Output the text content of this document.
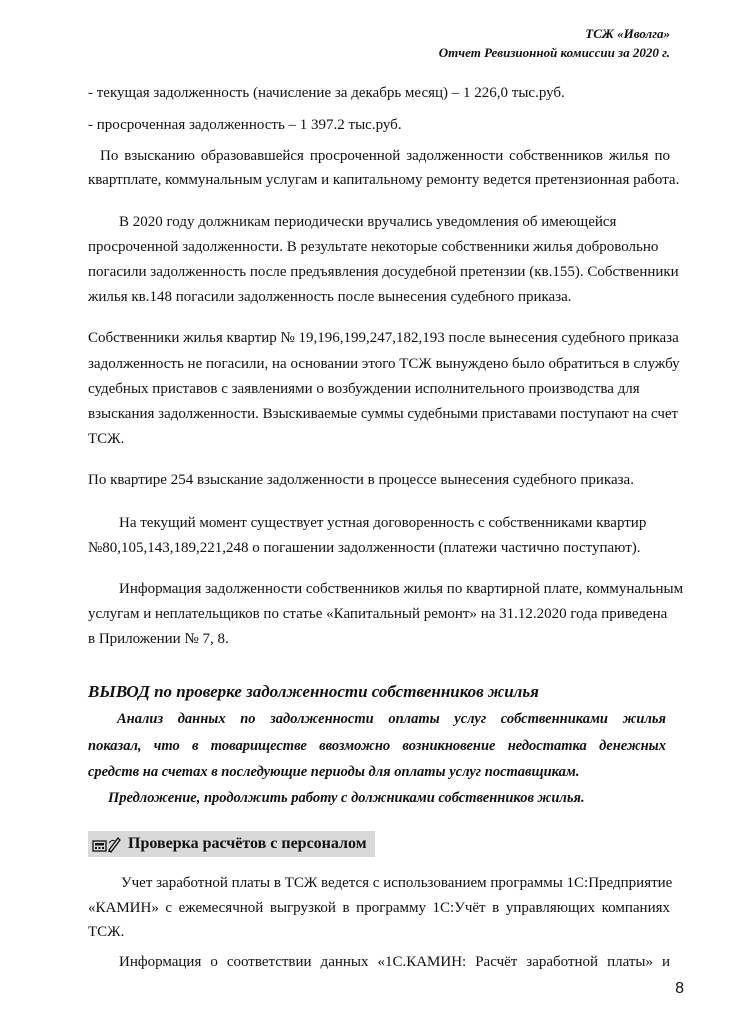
ТСЖ «Иволга»
Отчет Ревизионной комиссии за 2020 г.
- текущая задолженность (начисление за декабрь месяц) – 1 226,0 тыс.руб.
- просроченная задолженность – 1 397.2 тыс.руб.
По взысканию образовавшейся просроченной задолженности собственников жилья по
квартплате, коммунальным услугам и капитальному ремонту ведется претензионная работа.
В 2020 году должникам периодически вручались уведомления об имеющейся
просроченной задолженности. В результате некоторые собственники жилья добровольно
погасили задолженность после предъявления досудебной претензии (кв.155). Собственники
жилья кв.148 погасили задолженность после вынесения судебного приказа.
Собственники жилья квартир № 19,196,199,247,182,193 после вынесения судебного приказа
задолженность не погасили, на основании этого ТСЖ вынуждено было обратиться в службу
судебных приставов с заявлениями о возбуждении исполнительного производства для
взыскания задолженности. Взыскиваемые суммы судебными приставами поступают на счет
ТСЖ.
По квартире 254 взыскание задолженности в процессе вынесения судебного приказа.
На текущий момент существует устная договоренность с собственниками квартир
№80,105,143,189,221,248 о погашении задолженности (платежи частично поступают).
Информация задолженности собственников жилья по квартирной плате, коммунальным
услугам и неплательщиков по статье «Капитальный ремонт» на 31.12.2020 года приведена
в Приложении № 7, 8.
ВЫВОД по проверке задолженности собственников жилья
Анализ данных по задолженности оплаты услуг собственниками жилья
показал, что в товариществе ввозможно возникновение недостатка денежных
средств на счетах в последующие периоды для оплаты услуг поставщикам.
Предложение, продолжить работу с должниками собственников жилья.
Проверка расчётов с персоналом
Учет заработной платы в ТСЖ ведется с использованием программы 1С:Предприятие
«КАМИН» с ежемесячной выгрузкой в программу 1С:Учёт в управляющих компаниях
ТСЖ.
Информация о соответствии данных «1С.КАМИН: Расчёт заработной платы» и
8
